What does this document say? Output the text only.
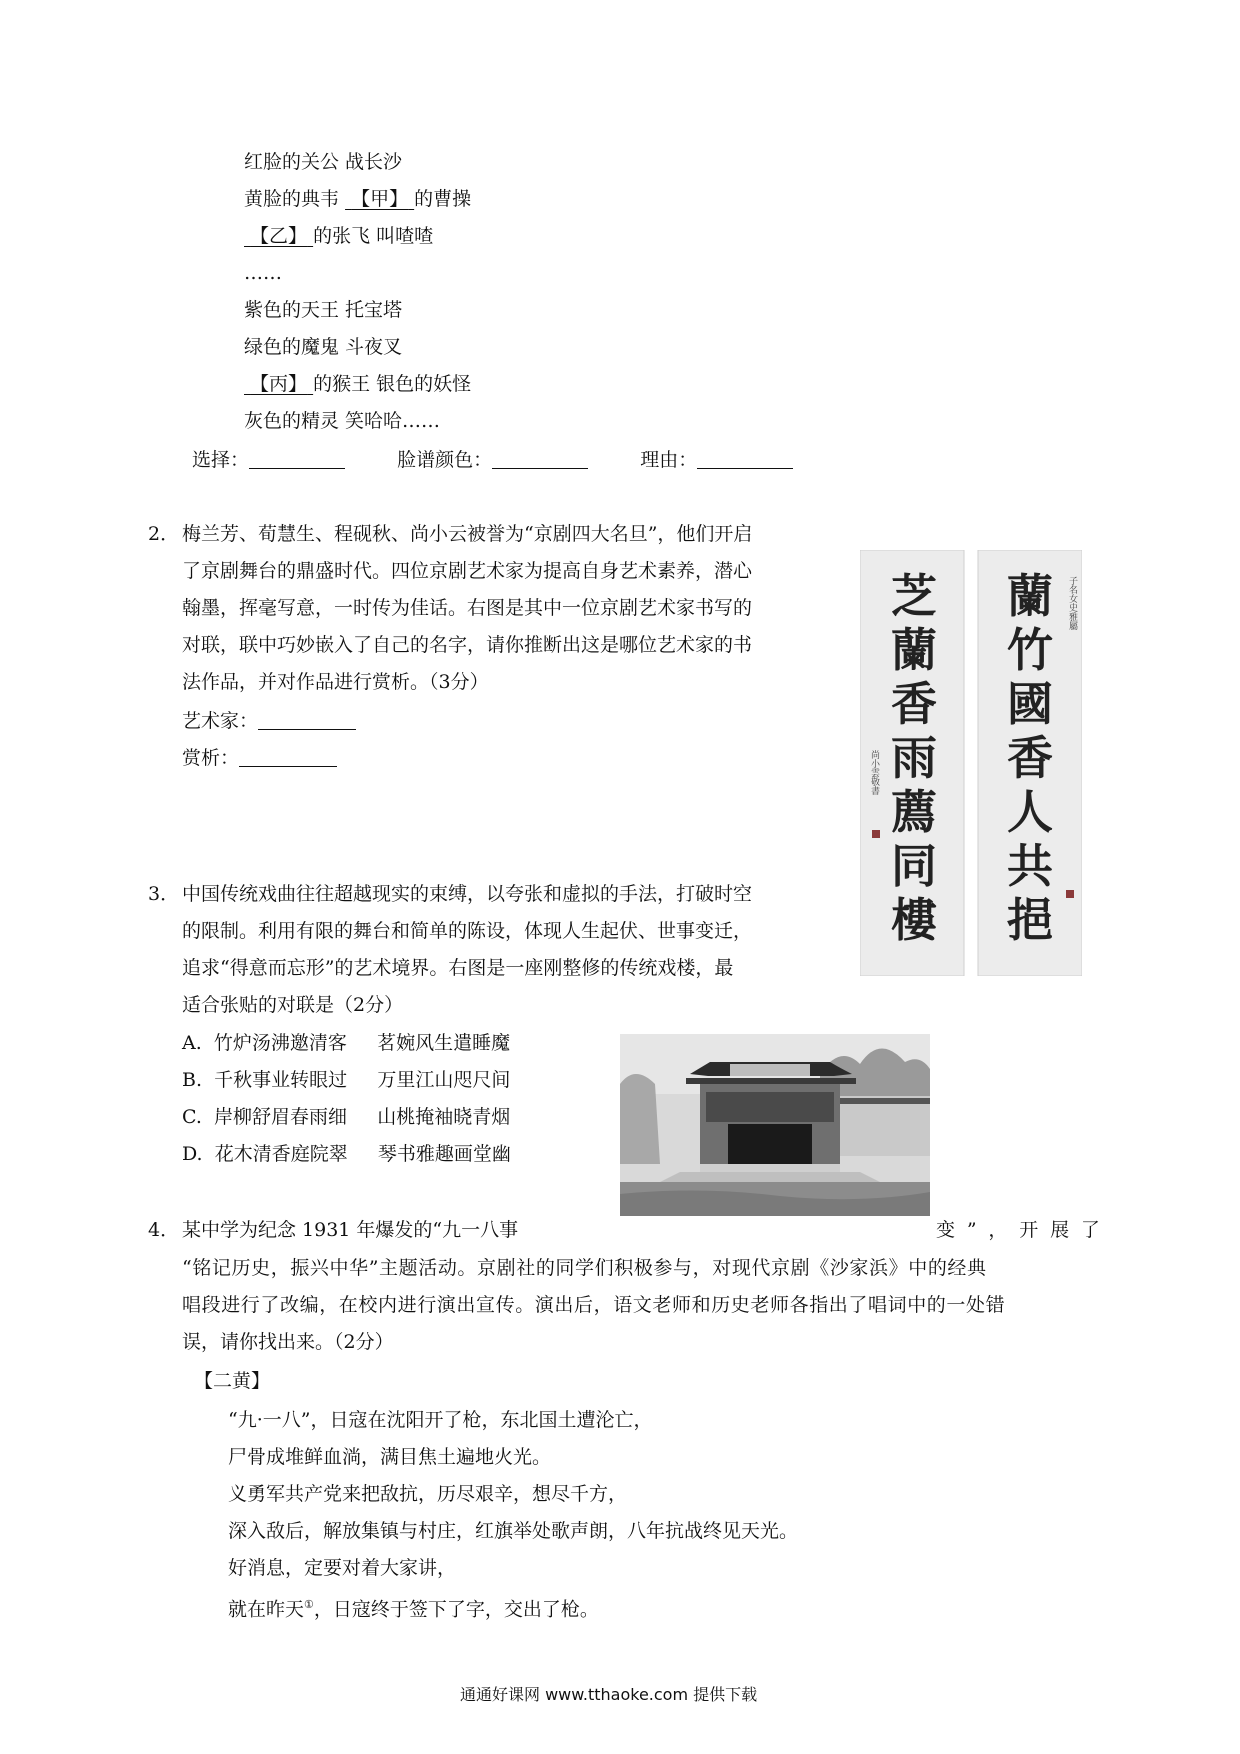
红脸的关公 战长沙
黄脸的典韦  【甲】 的曹操
【乙】 的张飞 叫喳喳
……
紫色的天王 托宝塔
绿色的魔鬼 斗夜叉
【丙】 的猴王 银色的妖怪
灰色的精灵 笑哈哈……
选择：	脸谱颜色：	理由：
2． 梅兰芳、荀慧生、程砚秋、尚小云被誉为“京剧四大名旦”，他们开启
了京剧舞台的鼎盛时代。四位京剧艺术家为提高自身艺术素养，潜心
翰墨，挥毫写意，一时传为佳话。右图是其中一位京剧艺术家书写的
对联，联中巧妙嵌入了自己的名字，请你推断出这是哪位艺术家的书
法作品，并对作品进行赏析。（3分）
艺术家：
赏析：
蘭
竹
國
香
人
共
挹
芝
蘭
香
雨
薦
同
樓
子名女史雅屬
尚小雲敬書
3． 中国传统戏曲往往超越现实的束缚，以夸张和虚拟的手法，打破时空
的限制。利用有限的舞台和简单的陈设，体现人生起伏、世事变迁，
追求“得意而忘形”的艺术境界。右图是一座刚整修的传统戏楼，最
适合张贴的对联是（2分）
A. 竹炉汤沸邀清客 茗婉风生遣睡魔
B. 千秋事业转眼过 万里江山咫尺间
C. 岸柳舒眉春雨细 山桃掩袖晓青烟
D. 花木清香庭院翠 琴书雅趣画堂幽
4． 某中学为纪念 1931 年爆发的“九一八事	变 ” ， 开 展 了
“铭记历史，振兴中华”主题活动。京剧社的同学们积极参与，对现代京剧《沙家浜》中的经典
唱段进行了改编，在校内进行演出宣传。演出后，语文老师和历史老师各指出了唱词中的一处错
误，请你找出来。（2分）
【二黄】
“九·一八”，日寇在沈阳开了枪，东北国土遭沦亡，
尸骨成堆鲜血淌，满目焦土遍地火光。
义勇军共产党来把敌抗，历尽艰辛，想尽千方，
深入敌后，解放集镇与村庄，红旗举处歌声朗，八年抗战终见天光。
好消息，定要对着大家讲，
就在昨天①，日寇终于签下了字，交出了枪。
通通好课网 www.tthaoke.com 提供下载
